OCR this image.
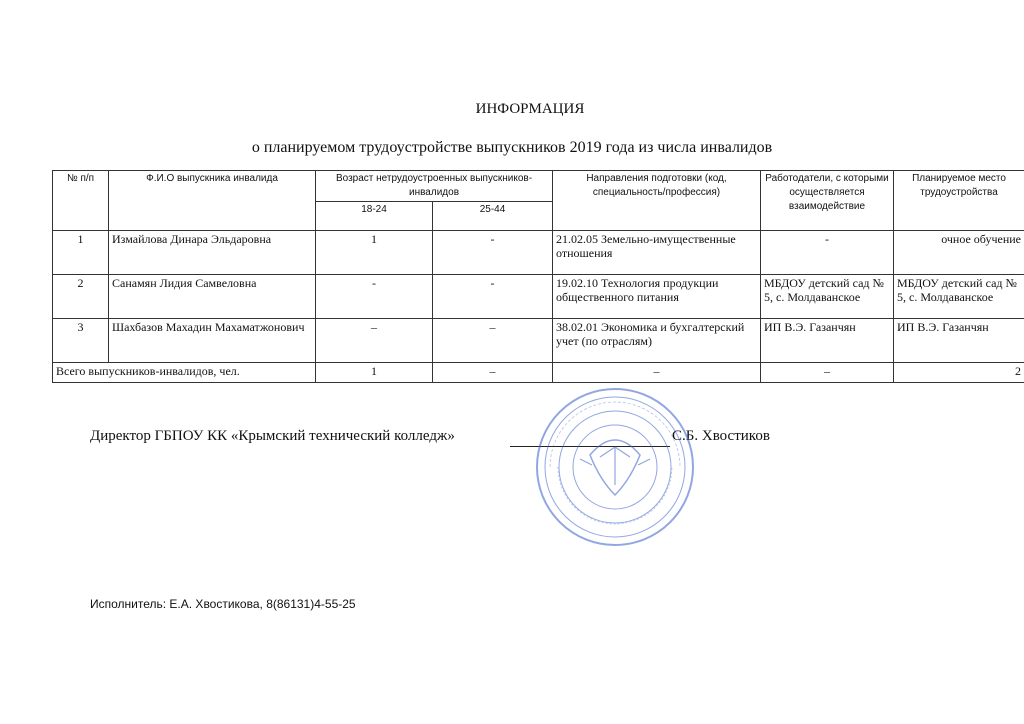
ИНФОРМАЦИЯ
о планируемом трудоустройстве выпускников 2019 года из числа инвалидов
№ п/п	Ф.И.О выпускника инвалида	Возраст нетрудоустроенных выпускников-инвалидов		Направления подготовки (код, специальность/профессия)	Работодатели, с которыми осуществляется взаимодействие	Планируемое место трудоустройства
		18-24	25-44			
1	Измайлова Динара Эльдаровна	1	-	21.02.05 Земельно-имущественные отношения	-	очное обучение
2	Санамян Лидия Самвеловна	-	-	19.02.10 Технология продукции общественного питания	МБДОУ детский сад № 5, с. Молдаванское	МБДОУ детский сад № 5, с. Молдаванское
3	Шахбазов Махадин Махаматжонович	–	–	38.02.01 Экономика и бухгалтерский учет (по отраслям)	ИП В.Э. Газанчян	ИП В.Э. Газанчян
Всего выпускников-инвалидов, чел.		1	–	–	–	2
Директор ГБПОУ КК «Крымский технический колледж»	С.Б. Хвостиков
Исполнитель: Е.А. Хвостикова, 8(86131)4-55-25
